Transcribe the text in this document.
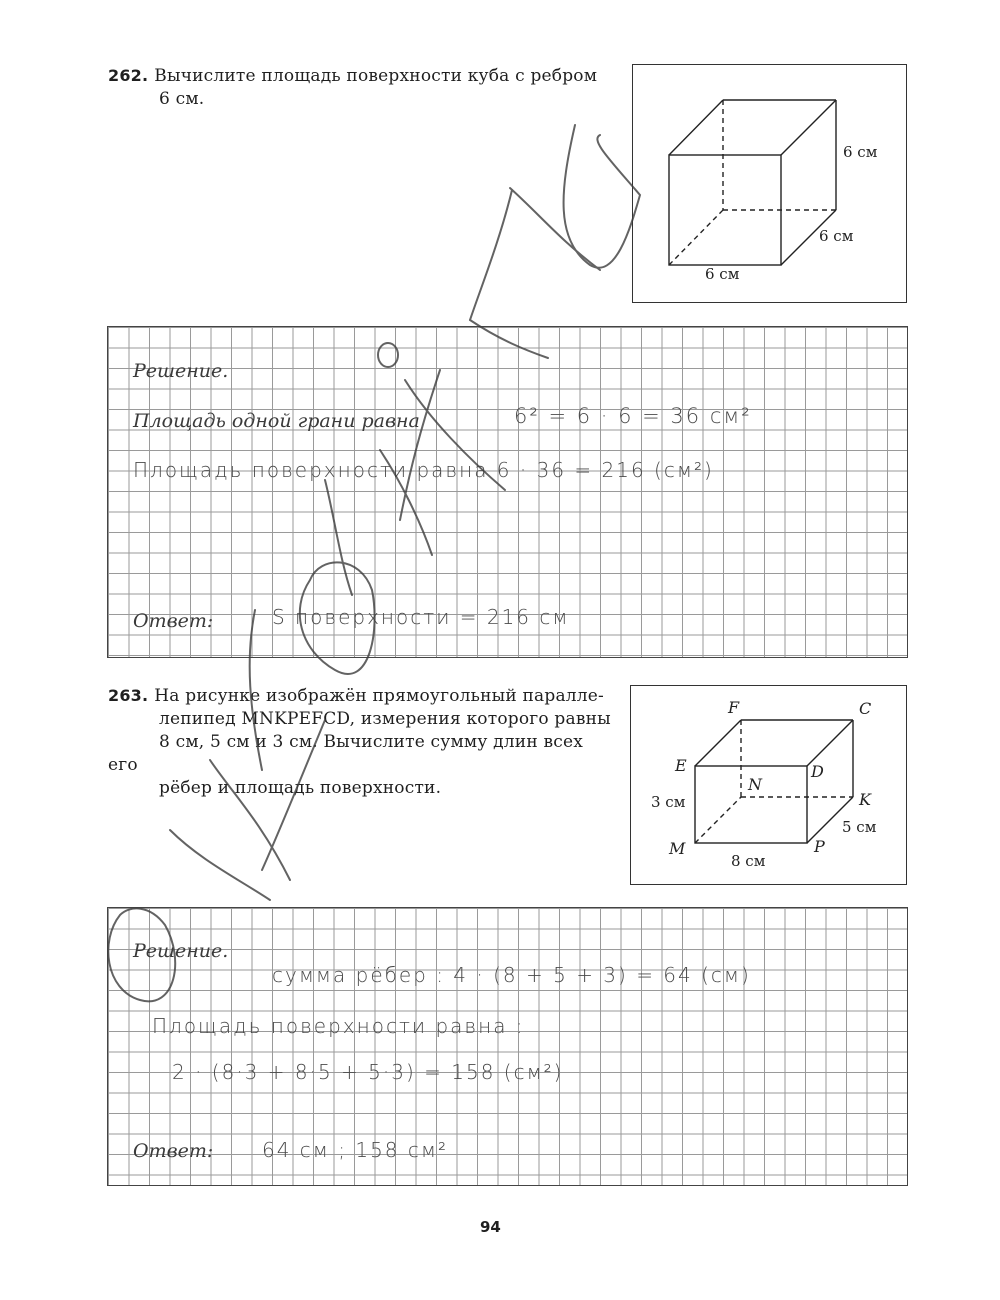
262. Вычислите площадь поверхности куба с ребром
6 см.
6 см
6 см
6 см
Решение.
Площадь одной грани равна	6² = 6 · 6 = 36 см²
Площадь поверхности равна 6 · 36 = 216 (см²)
Ответ:	S поверхности = 216 см
263. На рисунке изображён прямоугольный паралле-
лепипед MNKPEFCD, измерения которого равны
8 см, 5 см и 3 см. Вычислите сумму длин всех его
рёбер и площадь поверхности.
F	C
E	D
N
K
M	P
3 см
5 см
8 см
Решение.
сумма рёбер : 4 · (8 + 5 + 3) = 64 (см)
Площадь поверхности равна :
2 · (8·3 + 8·5 + 5·3) = 158 (см²)
Ответ: 64 см ; 158 см²
94
